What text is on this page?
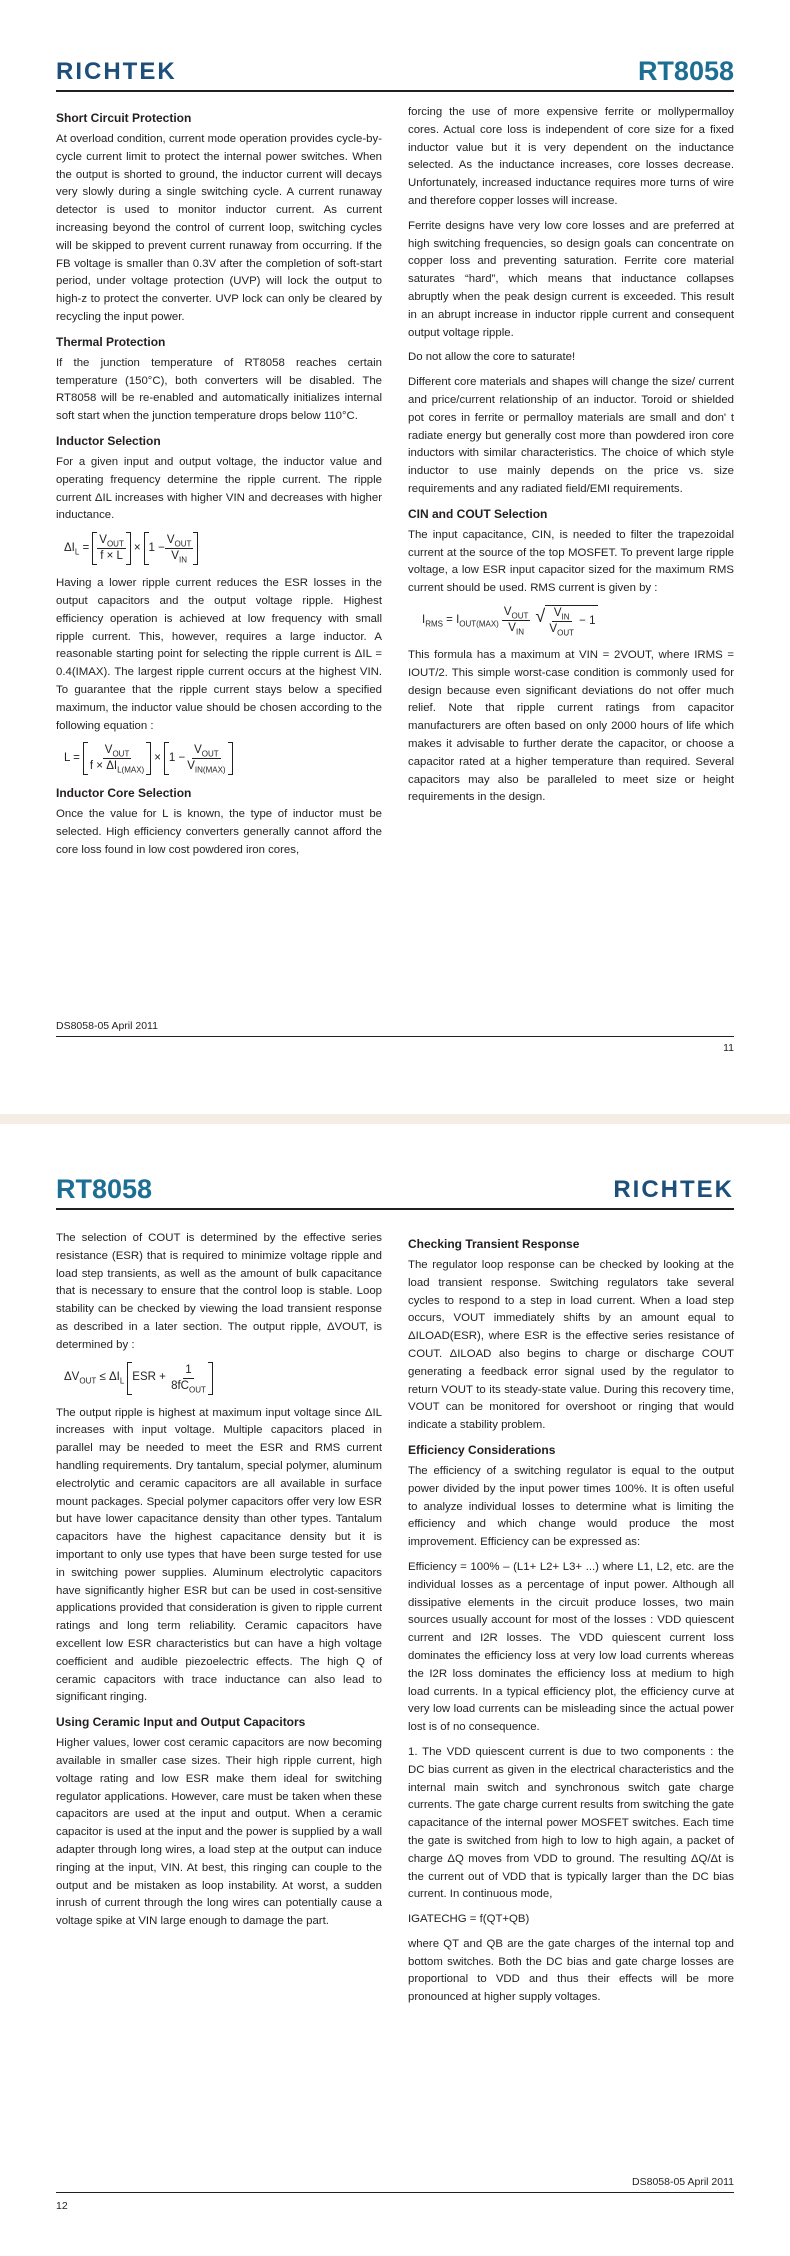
RICHTEK	RT8058
Short Circuit Protection

At overload condition, current mode operation provides cycle-by-cycle current limit to protect the internal power switches. When the output is shorted to ground, the inductor current will decays very slowly during a single switching cycle. A current runaway detector is used to monitor inductor current. As current increasing beyond the control of current loop, switching cycles will be skipped to prevent current runaway from occurring. If the FB voltage is smaller than 0.3V after the completion of soft-start period, under voltage protection (UVP) will lock the output to high-z to protect the converter. UVP lock can only be cleared by recycling the input power.

Thermal Protection

If the junction temperature of RT8058 reaches certain temperature (150°C), both converters will be disabled. The RT8058 will be re-enabled and automatically initializes internal soft start when the junction temperature drops below 110°C.

Inductor Selection

For a given input and output voltage, the inductor value and operating frequency determine the ripple current. The ripple current ΔIL increases with higher VIN and decreases with higher inductance.

$\Delta I_L = \frac{V_{OUT}}{f \times L} \times 1 - \frac{V_{OUT}}{V_{IN}}$

Having a lower ripple current reduces the ESR losses in the output capacitors and the output voltage ripple. Highest efficiency operation is achieved at low frequency with small ripple current. This, however, requires a large inductor. A reasonable starting point for selecting the ripple current is ΔIL = 0.4(IMAX). The largest ripple current occurs at the highest VIN. To guarantee that the ripple current stays below a specified maximum, the inductor value should be chosen according to the following equation :

$L = \frac{V_{OUT}}{f \times \Delta I_{L(MAX)}} \times 1 - \frac{V_{OUT}}{V_{IN(MAX)}}$
Inductor Core Selection

Once the value for L is known, the type of inductor must be selected. High efficiency converters generally cannot afford the core loss found in low cost powdered iron cores,

forcing the use of more expensive ferrite or mollypermalloy cores. Actual core loss is independent of core size for a fixed inductor value but it is very dependent on the inductance selected. As the inductance increases, core losses decrease. Unfortunately, increased inductance requires more turns of wire and therefore copper losses will increase.

Ferrite designs have very low core losses and are preferred at high switching frequencies, so design goals can concentrate on copper loss and preventing saturation. Ferrite core material saturates “hard”, which means that inductance collapses abruptly when the peak design current is exceeded. This result in an abrupt increase in inductor ripple current and consequent output voltage ripple.

Do not allow the core to saturate!

Different core materials and shapes will change the size/ current and price/current relationship of an inductor. Toroid or shielded pot cores in ferrite or permalloy materials are small and don' t radiate energy but generally cost more than powdered iron core inductors with similar characteristics. The choice of which style inductor to use mainly depends on the price vs. size requirements and any radiated field/EMI requirements.

CIN and COUT Selection

The input capacitance, CIN, is needed to filter the trapezoidal current at the source of the top MOSFET. To prevent large ripple voltage, a low ESR input capacitor sized for the maximum RMS current should be used. RMS current is given by :

$I_{RMS} = I_{OUT(MAX)} \frac{V_{OUT}}{V_{IN}}$
√ $\frac{V_{IN}}{V_{OUT}} - 1$

This formula has a maximum at VIN = 2VOUT, where IRMS = IOUT/2. This simple worst-case condition is commonly used for design because even significant deviations do not offer much relief. Note that ripple current ratings from capacitor manufacturers are often based on only 2000 hours of life which makes it advisable to further derate the capacitor, or choose a capacitor rated at a higher temperature than required. Several capacitors may also be paralleled to meet size or height requirements in the design.

DS8058-05 April 2011
11
RT8058	RICHTEK

The selection of COUT is determined by the effective series resistance (ESR) that is required to minimize voltage ripple and load step transients, as well as the amount of bulk capacitance that is necessary to ensure that the control loop is stable. Loop stability can be checked by viewing the load transient response as described in a later section. The output ripple, ΔVOUT, is determined by :

$\Delta V_{OUT} \le \Delta I_L$ ESR + $\frac{1}{8fC_{OUT}}$

The output ripple is highest at maximum input voltage since ΔIL increases with input voltage. Multiple capacitors placed in parallel may be needed to meet the ESR and RMS current handling requirements. Dry tantalum, special polymer, aluminum electrolytic and ceramic capacitors are all available in surface mount packages. Special polymer capacitors offer very low ESR but have lower capacitance density than other types. Tantalum capacitors have the highest capacitance density but it is important to only use types that have been surge tested for use in switching power supplies. Aluminum electrolytic capacitors have significantly higher ESR but can be used in cost-sensitive applications provided that consideration is given to ripple current ratings and long term reliability. Ceramic capacitors have excellent low ESR characteristics but can have a high voltage coefficient and audible piezoelectric effects. The high Q of ceramic capacitors with trace inductance can also lead to significant ringing.

Using Ceramic Input and Output Capacitors

Higher values, lower cost ceramic capacitors are now becoming available in smaller case sizes. Their high ripple current, high voltage rating and low ESR make them ideal for switching regulator applications. However, care must be taken when these capacitors are used at the input and output. When a ceramic capacitor is used at the input and the power is supplied by a wall adapter through long wires, a load step at the output can induce ringing at the input, VIN. At best, this ringing can couple to the output and be mistaken as loop instability. At worst, a sudden inrush of current through the long wires can potentially cause a voltage spike at VIN large enough to damage the part.

Checking Transient Response

The regulator loop response can be checked by looking at the load transient response. Switching regulators take several cycles to respond to a step in load current. When a load step occurs, VOUT immediately shifts by an amount equal to ΔILOAD(ESR), where ESR is the effective series resistance of COUT. ΔILOAD also begins to charge or discharge COUT generating a feedback error signal used by the regulator to return VOUT to its steady-state value. During this recovery time, VOUT can be monitored for overshoot or ringing that would indicate a stability problem.

Efficiency Considerations

The efficiency of a switching regulator is equal to the output power divided by the input power times 100%. It is often useful to analyze individual losses to determine what is limiting the efficiency and which change would produce the most improvement. Efficiency can be expressed as:

Efficiency = 100% – (L1+ L2+ L3+ ...) where L1, L2, etc. are the individual losses as a percentage of input power. Although all dissipative elements in the circuit produce losses, two main sources usually account for most of the losses : VDD quiescent current and I2R losses. The VDD quiescent current loss dominates the efficiency loss at very low load currents whereas the I2R loss dominates the efficiency loss at medium to high load currents. In a typical efficiency plot, the efficiency curve at very low load currents can be misleading since the actual power lost is of no consequence.

1. The VDD quiescent current is due to two components : the DC bias current as given in the electrical characteristics and the internal main switch and synchronous switch gate charge currents. The gate charge current results from switching the gate capacitance of the internal power MOSFET switches. Each time the gate is switched from high to low to high again, a packet of charge ΔQ moves from VDD to ground. The resulting ΔQ/Δt is the current out of VDD that is typically larger than the DC bias current. In continuous mode,

IGATECHG = f(QT+QB)

where QT and QB are the gate charges of the internal top and bottom switches. Both the DC bias and gate charge losses are proportional to VDD and thus their effects will be more pronounced at higher supply voltages.

DS8058-05 April 2011
12
